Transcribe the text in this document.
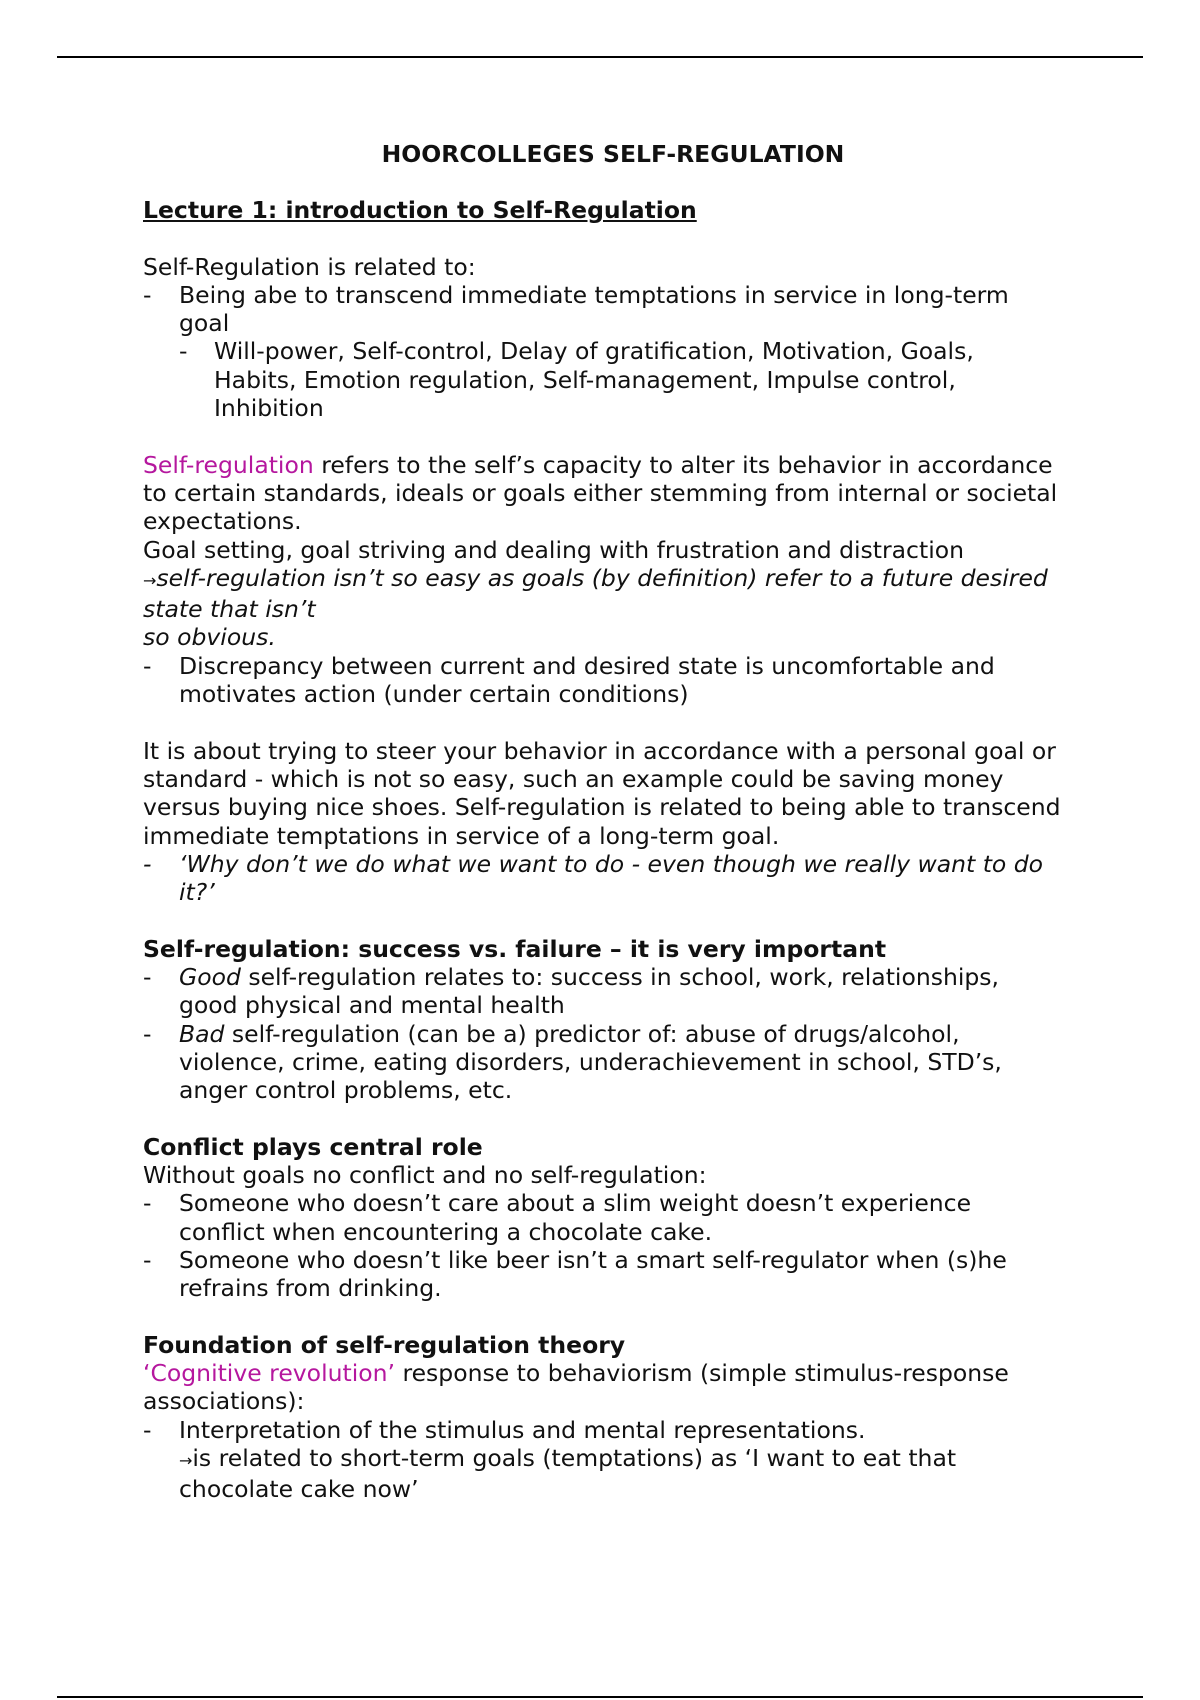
HOORCOLLEGES SELF-REGULATION
Lecture 1: introduction to Self-Regulation

Self-Regulation is related to:

- Being abe to transcend immediate temptations in service in long-term goal
- Will-power, Self-control, Delay of gratification, Motivation, Goals, Habits, Emotion regulation, Self-management, Impulse control, Inhibition

Self-regulation refers to the self’s capacity to alter its behavior in accordance to certain standards, ideals or goals either stemming from internal or societal expectations.

Goal setting, goal striving and dealing with frustration and distraction

→self-regulation isn’t so easy as goals (by definition) refer to a future desired state that isn’t

so obvious.

- Discrepancy between current and desired state is uncomfortable and motivates action (under certain conditions)

It is about trying to steer your behavior in accordance with a personal goal or standard - which is not so easy, such an example could be saving money versus buying nice shoes. Self-regulation is related to being able to transcend immediate temptations in service of a long-term goal.

- ‘Why don’t we do what we want to do - even though we really want to do it?’

Self-regulation: success vs. failure – it is very important

- Good self-regulation relates to: success in school, work, relationships, good physical and mental health
- Bad self-regulation (can be a) predictor of: abuse of drugs/alcohol, violence, crime, eating disorders, underachievement in school, STD’s, anger control problems, etc.

Conflict plays central role

Without goals no conflict and no self-regulation:

- Someone who doesn’t care about a slim weight doesn’t experience conflict when encountering a chocolate cake.
- Someone who doesn’t like beer isn’t a smart self-regulator when (s)he refrains from drinking.

Foundation of self-regulation theory

‘Cognitive revolution’ response to behaviorism (simple stimulus-response associations):

- Interpretation of the stimulus and mental representations.
→is related to short-term goals (temptations) as ‘I want to eat that chocolate cake now’
